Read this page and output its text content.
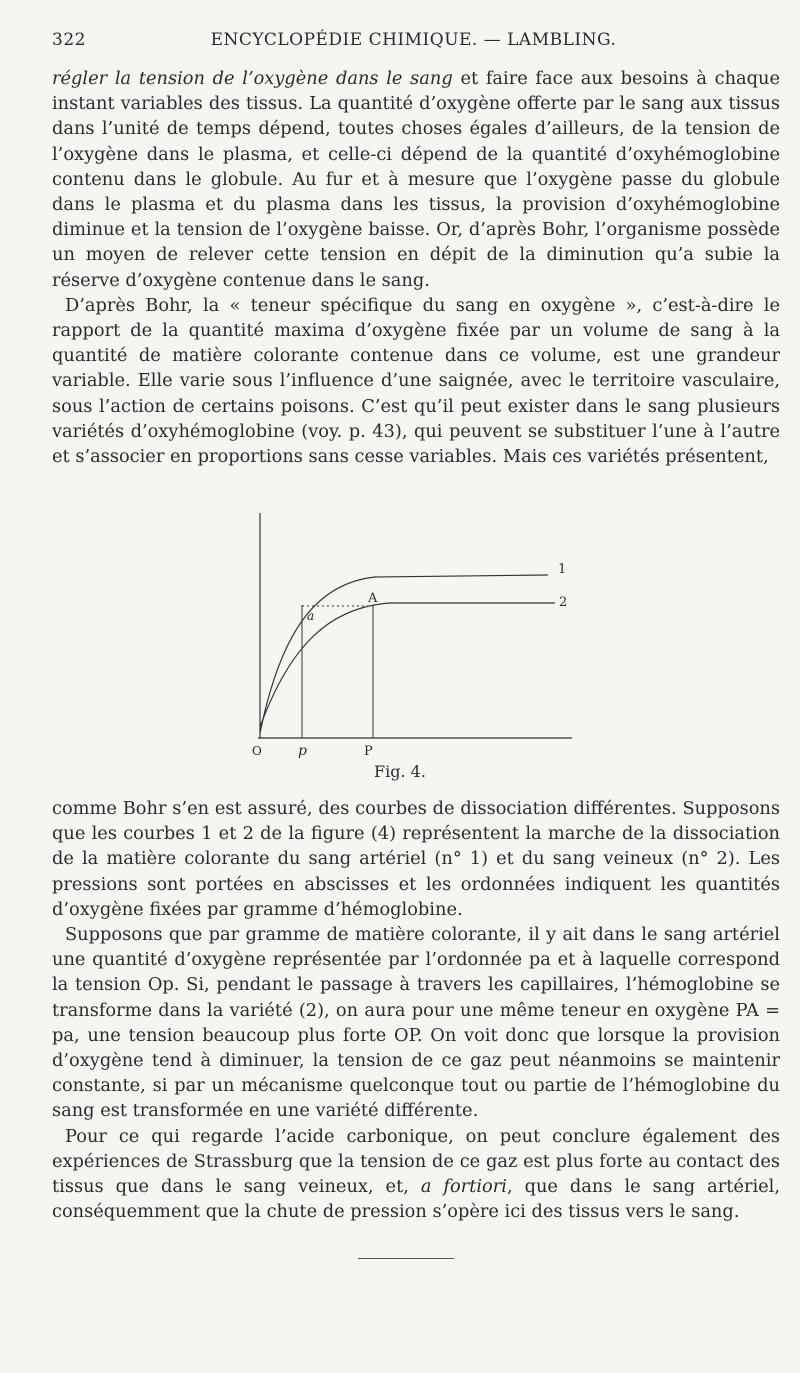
322	ENCYCLOPÉDIE CHIMIQUE. — LAMBLING.

régler la tension de l’oxygène dans le sang et faire face aux besoins à chaque instant variables des tissus. La quantité d’oxygène offerte par le sang aux tissus dans l’unité de temps dépend, toutes choses égales d’ailleurs, de la tension de l’oxygène dans le plasma, et celle-ci dépend de la quantité d’oxyhémoglobine contenu dans le globule. Au fur et à mesure que l’oxygène passe du globule dans le plasma et du plasma dans les tissus, la provision d’oxyhémoglobine diminue et la tension de l’oxygène baisse. Or, d’après Bohr, l’organisme possède un moyen de relever cette tension en dépit de la diminution qu’a subie la réserve d’oxygène contenue dans le sang.

D’après Bohr, la « teneur spécifique du sang en oxygène », c’est-à-dire le rapport de la quantité maxima d’oxygène fixée par un volume de sang à la quantité de matière colorante contenue dans ce volume, est une grandeur variable. Elle varie sous l’influence d’une saignée, avec le territoire vasculaire, sous l’action de certains poisons. C’est qu’il peut exister dans le sang plusieurs variétés d’oxyhémoglobine (voy. p. 43), qui peuvent se substituer l’une à l’autre et s’associer en proportions sans cesse variables. Mais ces variétés présentent,

O	p	P
A
a
1
2
Fig. 4.

comme Bohr s’en est assuré, des courbes de dissociation différentes. Supposons que les courbes 1 et 2 de la figure (4) représentent la marche de la dissociation de la matière colorante du sang artériel (n° 1) et du sang veineux (n° 2). Les pressions sont portées en abscisses et les ordonnées indiquent les quantités d’oxygène fixées par gramme d’hémoglobine.

Supposons que par gramme de matière colorante, il y ait dans le sang artériel une quantité d’oxygène représentée par l’ordonnée pa et à laquelle correspond la tension Op. Si, pendant le passage à travers les capillaires, l’hémoglobine se transforme dans la variété (2), on aura pour une même teneur en oxygène PA = pa, une tension beaucoup plus forte OP. On voit donc que lorsque la provision d’oxygène tend à diminuer, la tension de ce gaz peut néanmoins se maintenir constante, si par un mécanisme quelconque tout ou partie de l’hémoglobine du sang est transformée en une variété différente.

Pour ce qui regarde l’acide carbonique, on peut conclure également des expériences de Strassburg que la tension de ce gaz est plus forte au contact des tissus que dans le sang veineux, et, a fortiori, que dans le sang artériel, conséquemment que la chute de pression s’opère ici des tissus vers le sang.
